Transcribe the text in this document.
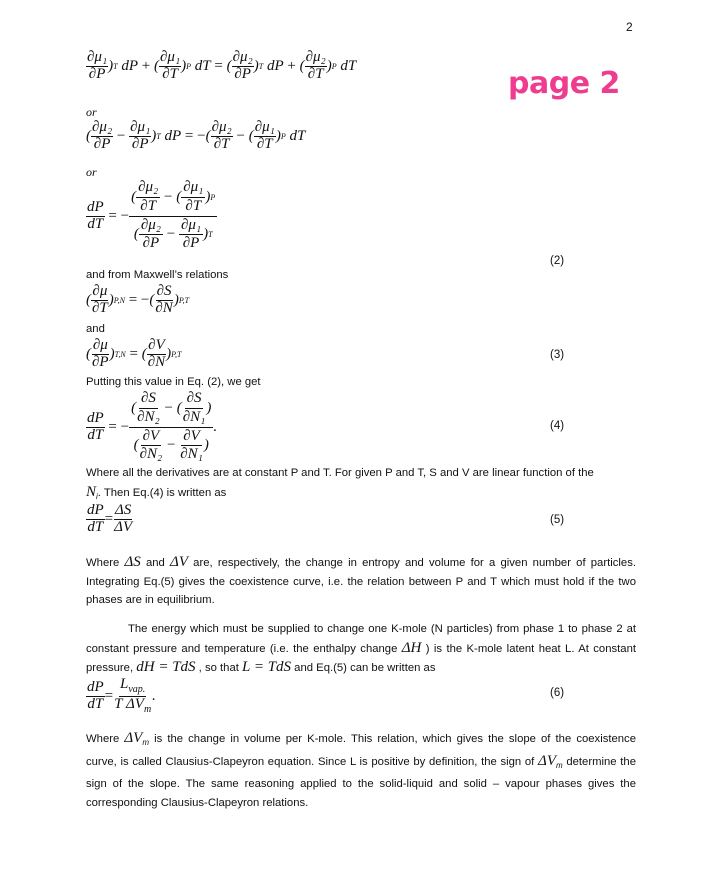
2
page 2
$\frac{\text{∂μ₁}}{\partial P}$ ) T
dP
+ ( $\frac{\text{∂μ₁}}{\partial T}$ ) P
dT
= ( $\frac{\text{∂μ₂}}{\partial P}$ ) T
dP
+ ( $\frac{\text{∂μ₂}}{\partial T}$ ) P
dT
or
( $\frac{\text{∂μ₂}}{\partial P} - \frac{\text{∂μ₁}}{\partial P}$ ) T
dP
= − ( $\frac{\text{∂μ₂}}{\partial T}$ − ( $\frac{\text{∂μ₁}}{\partial T}$ ) P
dT
or
$\frac{dP}{dT}$
= − $\frac{( \frac{\text{∂μ₂}}{\partial T} - ( \frac{\text{∂μ₁}}{\partial T} ) P}{( \frac{\text{∂μ₂}}{\partial P} - \frac{\text{∂μ₁}}{\partial P} ) T}$
(2)
and from Maxwell’s relations
( $\frac{\partial\mu}{\partial T}$ ) P,N
= − ( $\frac{\partial S}{\partial N}$ ) P,T
and
( $\frac{\partial\mu}{\partial P}$ ) T,N
= ( $\frac{\partial V}{\partial N}$ ) P,T	(3)
Putting this value in Eq. (2), we get
$\frac{dP}{dT}$
= − $\frac{( \frac{\partial S}{\text{∂N₂}} - ( \frac{\partial S}{\text{∂N₁}} )}{( \frac{\partial V}{\text{∂N₂}} - \frac{\partial V}{\text{∂N₁}} )}$ .	(4)
Where all the derivatives are at constant P and T. For given P and T, S and V are linear function of the
$N_i$. Then Eq.(4) is written as
$\frac{dP}{dT} = \frac{\Delta S}{\Delta V}$	(5)
Where ΔS and ΔV are, respectively, the change in entropy and volume for a given number of particles. Integrating Eq.(5) gives the coexistence curve, i.e. the relation between P and T which must hold if the two phases are in equilibrium.
The energy which must be supplied to change one K-mole (N particles) from phase 1 to phase 2 at constant pressure and temperature (i.e. the enthalpy change ΔH ) is the K-mole latent heat L. At constant pressure, dH = TdS , so that L = TdS and Eq.(5) can be written as
$\frac{dP}{dT} = \frac{L_{vap.}}{T \Delta V_m}$ .	(6)
Where $\Delta V_m$ is the change in volume per K-mole. This relation, which gives the slope of the coexistence curve, is called Clausius-Clapeyron equation. Since L is positive by definition, the sign of $\Delta V_m$ determine the sign of the slope. The same reasoning applied to the solid-liquid and solid – vapour phases gives the corresponding Clausius-Clapeyron relations.
